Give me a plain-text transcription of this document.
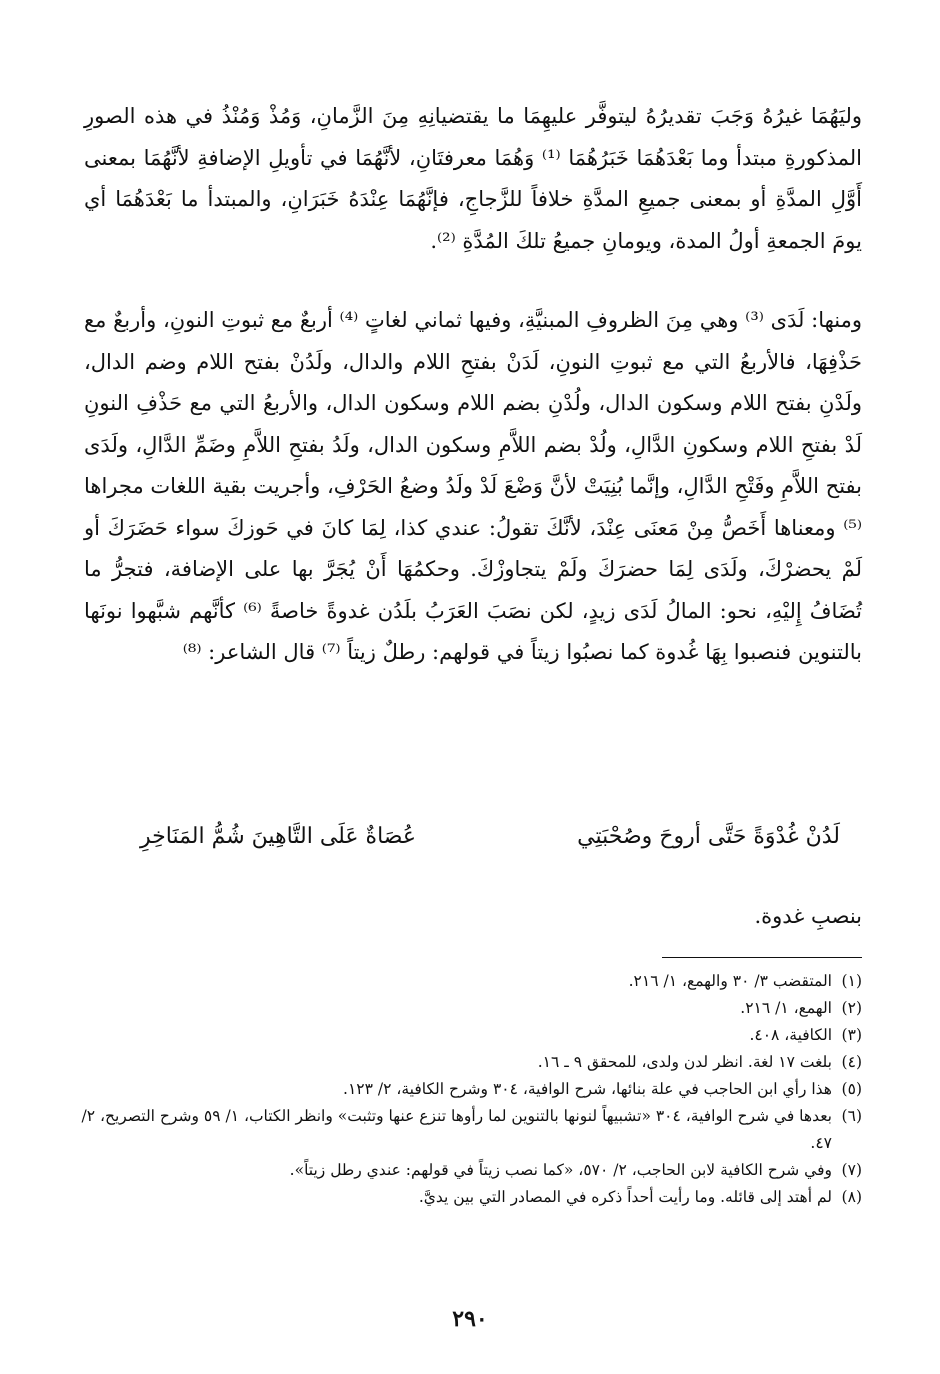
وليَهُمَا غيرُهُ وَجَبَ تقديرُهُ ليتوفَّر عليهِمَا ما يقتضيانِهِ مِنَ الزَّمانِ، وَمُذْ وَمُنْذُ في هذه الصورِ المذكورةِ مبتدأ وما بَعْدَهُمَا خَبَرُهُمَا ⁽¹⁾ وَهُمَا معرفتَانِ، لأنَّهُمَا في تأويلِ الإضافةِ لأنَّهُمَا بمعنى أَوَّلِ المدَّةِ أو بمعنى جميعِ المدَّةِ خلافاً للزَّجاجِ، فإنَّهُمَا عِنْدَهُ خَبَرَانِ، والمبتدأ ما بَعْدَهُمَا أي يومَ الجمعةِ أولُ المدة، ويومانِ جميعُ تلكَ المُدَّةِ ⁽²⁾.

ومنها: لَدَى ⁽³⁾ وهي مِنَ الظروفِ المبنيَّةِ، وفيها ثماني لغاتٍ ⁽⁴⁾ أربعٌ مع ثبوتِ النونِ، وأربعٌ مع حَذْفِهَا، فالأربعُ التي مع ثبوتِ النونِ، لَدَنْ بفتحِ اللام والدال، ولَدُنْ بفتح اللام وضم الدال، ولَدْنِ بفتح اللام وسكون الدال، ولُدْنِ بضم اللام وسكون الدال، والأربعُ التي مع حَذْفِ النونِ لَدْ بفتحِ اللام وسكونِ الدَّالِ، ولُدْ بضم اللاَّمِ وسكون الدال، ولَدُ بفتحِ اللاَّمِ وضَمِّ الدَّالِ، ولَدَى بفتح اللاَّمِ وفَتْحِ الدَّالِ، وإنَّما بُنِيَتْ لأنَّ وَضْعَ لَدْ ولَدُ وضعُ الحَرْفِ، وأجريت بقية اللغات مجراها ⁽⁵⁾ ومعناها أَخَصُّ مِنْ مَعنَى عِنْدَ، لأنَّكَ تقولُ: عندي كذا، لِمَا كانَ في حَوزكَ سواء حَضَرَكَ أو لَمْ يحضرْكَ، ولَدَى لِمَا حضرَكَ ولَمْ يتجاوزْكَ. وحكمُهَا أَنْ يُجَرَّ بها على الإضافة، فتجرُّ ما تُضَافُ إِليْهِ، نحو: المالُ لَدَى زيدٍ، لكن نصَبَ العَرَبُ بلَدُن غدوةً خاصةً ⁽⁶⁾ كأنَّهم شبَّهوا نونَها بالتنوين فنصبوا بِهَا غُدوة كما نصبُوا زيتاً في قولهم: رطلٌ زيتاً ⁽⁷⁾ قال الشاعر: ⁽⁸⁾

لَدُنْ غُدْوَةً حَتَّى أروحَ وصُحْبَتِي
عُصَاةٌ عَلَى التَّاهِينَ شُمُّ المَنَاخِرِ

بنصبِ غدوة.

(١)
المتقضب ٣/ ٣٠ والهمع، ١/ ٢١٦.
(٢)
الهمع، ١/ ٢١٦.
(٣)
الكافية، ٤٠٨.
(٤)
بلغت ١٧ لغة. انظر لدن ولدى، للمحقق ٩ ـ ١٦.
(٥)
هذا رأي ابن الحاجب في علة بنائها، شرح الوافية، ٣٠٤ وشرح الكافية، ٢/ ١٢٣.
(٦)
بعدها في شرح الوافية، ٣٠٤ «تشبيهاً لنونها بالتنوين لما رأوها تنزع عنها وتثبت» وانظر الكتاب، ١/ ٥٩ وشرح التصريح، ٢/ ٤٧.
(٧)
وفي شرح الكافية لابن الحاجب، ٢/ ٥٧٠، «كما نصب زيتاً في قولهم: عندي رطل زيتاً».
(٨)
لم أهتد إلى قائله. وما رأيت أحداً ذكره في المصادر التي بين يديَّ.
٢٩٠
